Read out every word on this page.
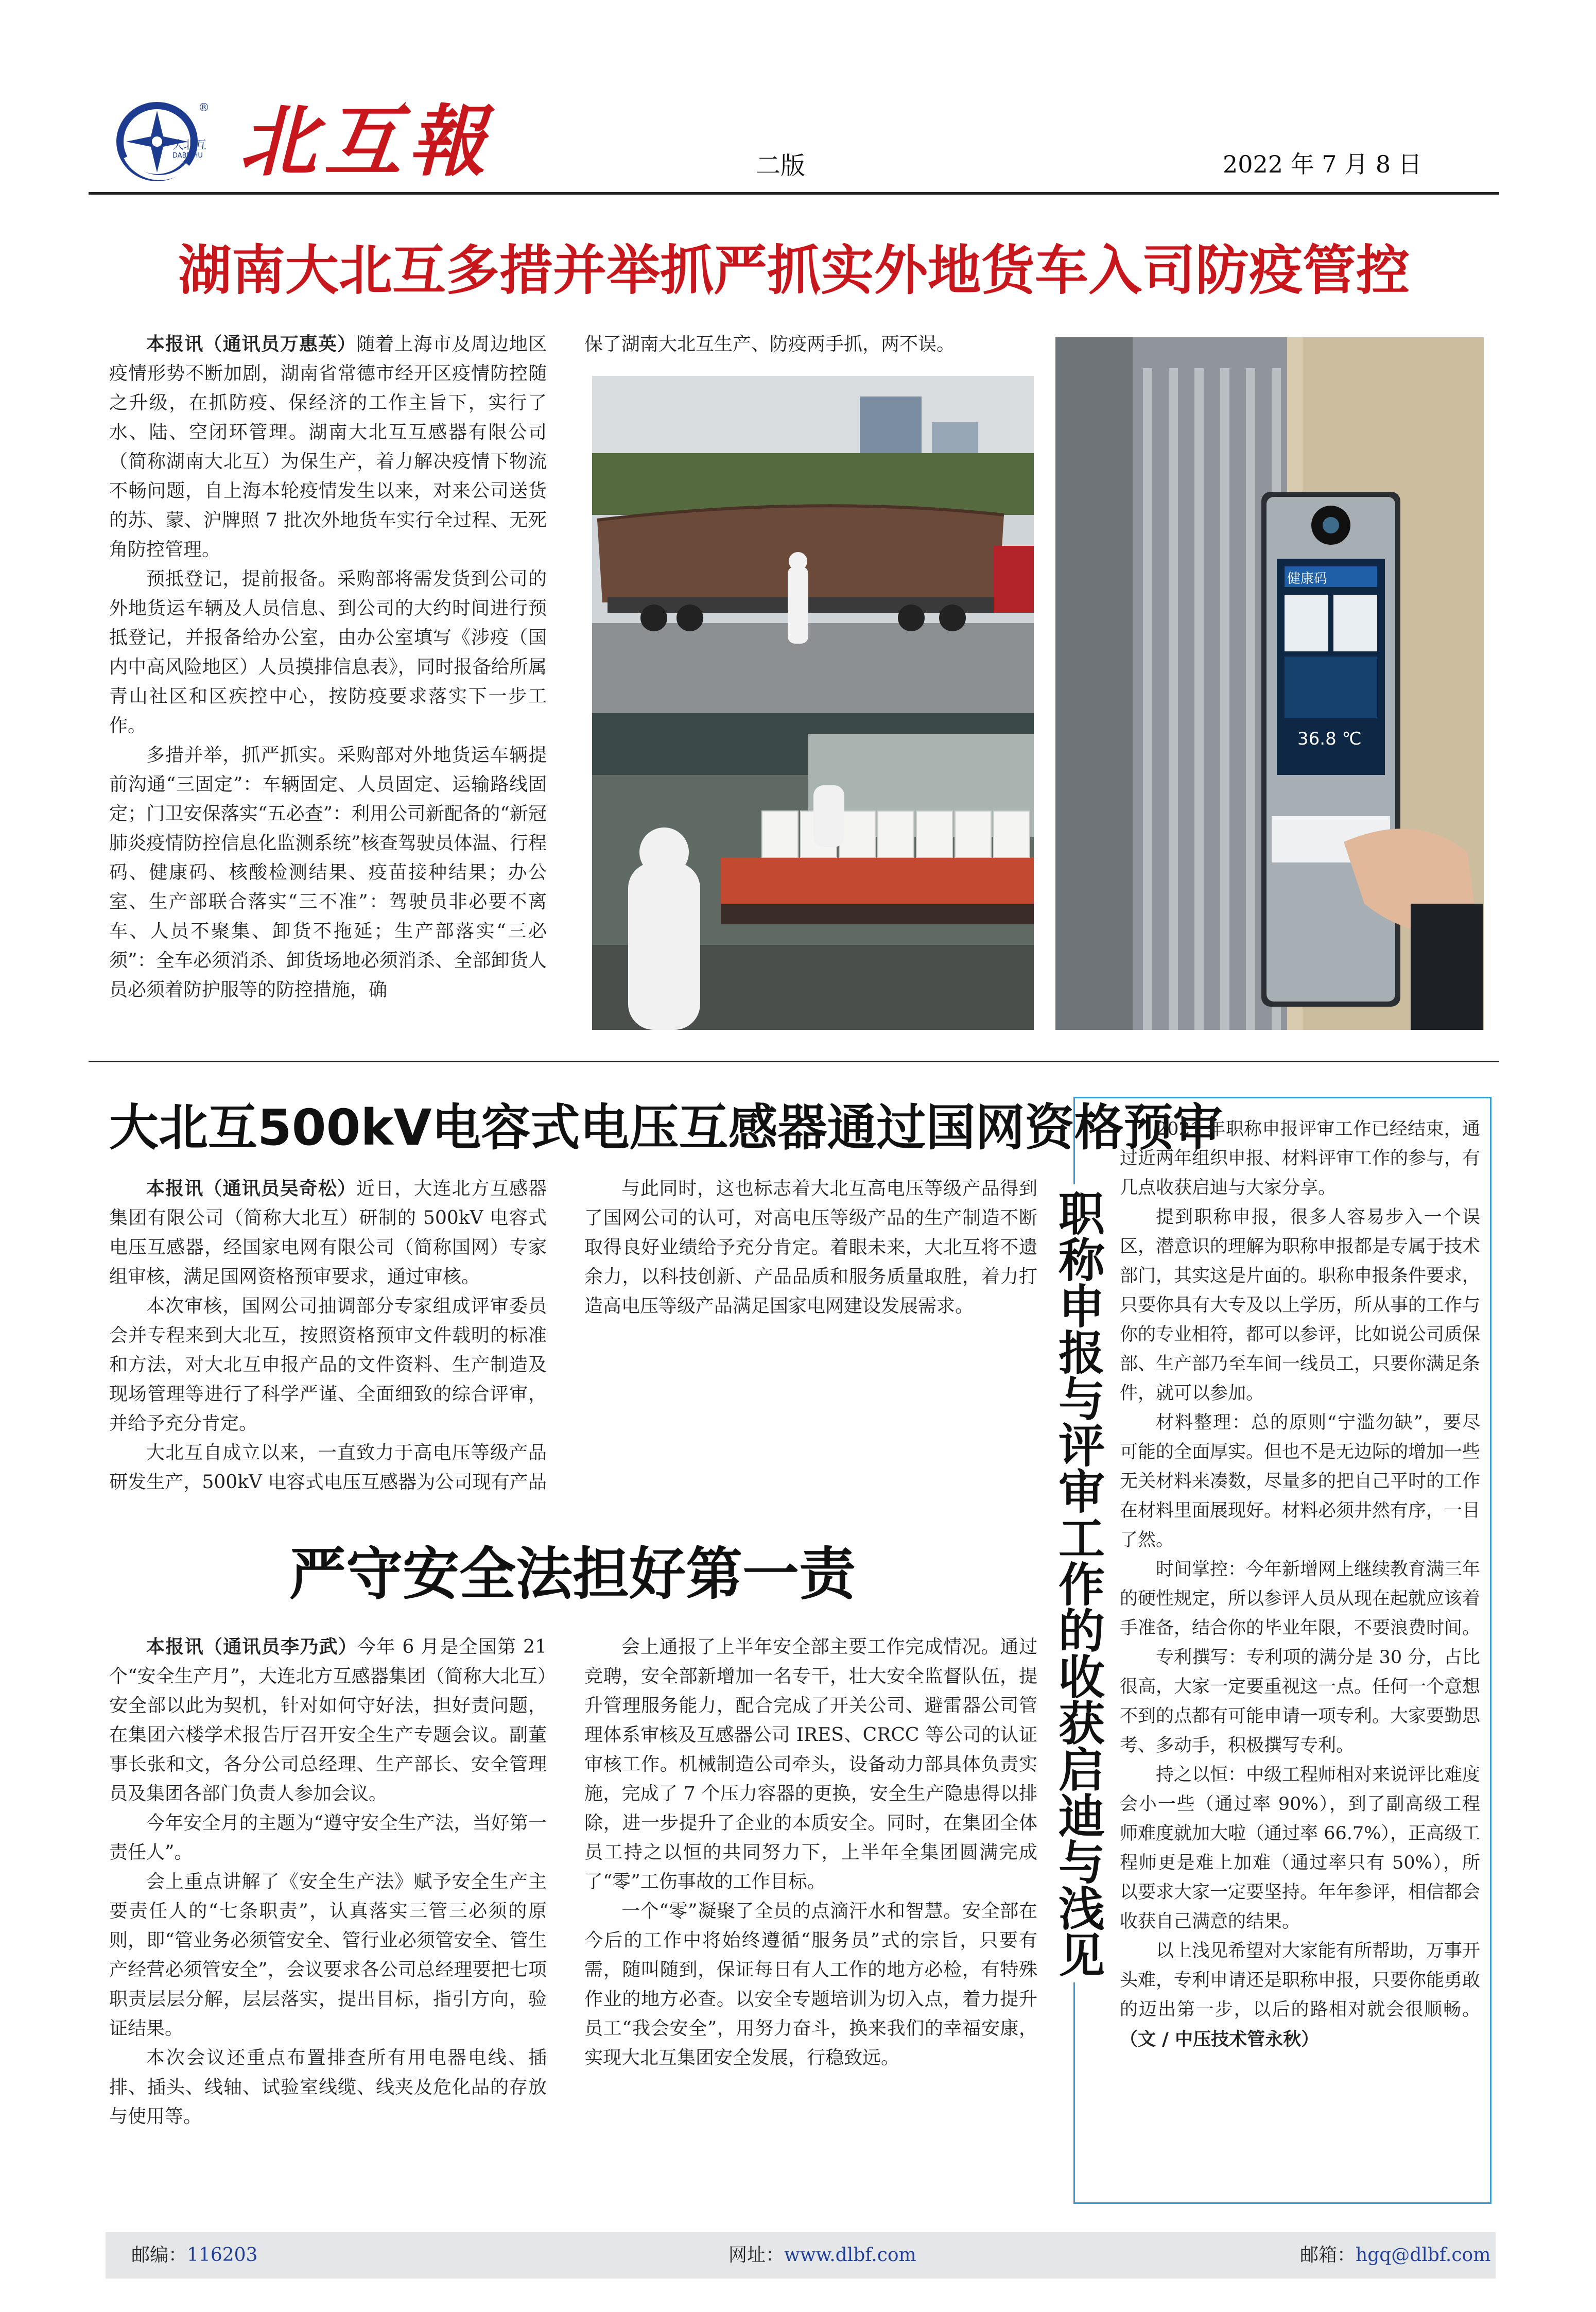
大北互
DABEIHU
® 北互報	二版	2022 年 7 月 8 日
湖南大北互多措并举抓严抓实外地货车入司防疫管控

本报讯（通讯员万惠英）随着上海市及周边地区疫情形势不断加剧，湖南省常德市经开区疫情防控随之升级，在抓防疫、保经济的工作主旨下，实行了水、陆、空闭环管理。湖南大北互互感器有限公司（简称湖南大北互）为保生产，着力解决疫情下物流不畅问题，自上海本轮疫情发生以来，对来公司送货的苏、蒙、沪牌照 7 批次外地货车实行全过程、无死角防控管理。

预抵登记，提前报备。采购部将需发货到公司的外地货运车辆及人员信息、到公司的大约时间进行预抵登记，并报备给办公室，由办公室填写《涉疫（国内中高风险地区）人员摸排信息表》，同时报备给所属青山社区和区疾控中心，按防疫要求落实下一步工作。

多措并举，抓严抓实。采购部对外地货运车辆提前沟通“三固定”：车辆固定、人员固定、运输路线固定；门卫安保落实“五必查”：利用公司新配备的“新冠肺炎疫情防控信息化监测系统”核查驾驶员体温、行程码、健康码、核酸检测结果、疫苗接种结果；办公室、生产部联合落实“三不准”：驾驶员非必要不离车、人员不聚集、卸货不拖延；生产部落实“三必须”：全车必须消杀、卸货场地必须消杀、全部卸货人员必须着防护服等的防控措施，确

保了湖南大北互生产、防疫两手抓，两不误。

健康码
36.8 ℃
大北互500kV电容式电压互感器通过国网资格预审

本报讯（通讯员吴奇松）近日，大连北方互感器集团有限公司（简称大北互）研制的 500kV 电容式电压互感器，经国家电网有限公司（简称国网）专家组审核，满足国网资格预审要求，通过审核。

本次审核，国网公司抽调部分专家组成评审委员会并专程来到大北互，按照资格预审文件载明的标准和方法，对大北互申报产品的文件资料、生产制造及现场管理等进行了科学严谨、全面细致的综合评审，并给予充分肯定。

大北互自成立以来，一直致力于高电压等级产品研发生产，500kV 电容式电压互感器为公司现有产品

与此同时，这也标志着大北互高电压等级产品得到了国网公司的认可，对高电压等级产品的生产制造不断取得良好业绩给予充分肯定。着眼未来，大北互将不遗余力，以科技创新、产品品质和服务质量取胜，着力打造高电压等级产品满足国家电网建设发展需求。

严守安全法担好第一责

本报讯（通讯员李乃武）今年 6 月是全国第 21 个“安全生产月”，大连北方互感器集团（简称大北互）安全部以此为契机，针对如何守好法，担好责问题，在集团六楼学术报告厅召开安全生产专题会议。副董事长张和文，各分公司总经理、生产部长、安全管理员及集团各部门负责人参加会议。

今年安全月的主题为“遵守安全生产法，当好第一责任人”。

会上重点讲解了《安全生产法》赋予安全生产主要责任人的“七条职责”，认真落实三管三必须的原则，即“管业务必须管安全、管行业必须管安全、管生产经营必须管安全”，会议要求各公司总经理要把七项职责层层分解，层层落实，提出目标，指引方向，验证结果。

本次会议还重点布置排查所有用电器电线、插排、插头、线轴、试验室线缆、线夹及危化品的存放与使用等。

会上通报了上半年安全部主要工作完成情况。通过竞聘，安全部新增加一名专干，壮大安全监督队伍，提升管理服务能力，配合完成了开关公司、避雷器公司管理体系审核及互感器公司 IRES、CRCC 等公司的认证审核工作。机械制造公司牵头，设备动力部具体负责实施，完成了 7 个压力容器的更换，安全生产隐患得以排除，进一步提升了企业的本质安全。同时，在集团全体员工持之以恒的共同努力下，上半年全集团圆满完成了“零”工伤事故的工作目标。

一个“零”凝聚了全员的点滴汗水和智慧。安全部在今后的工作中将始终遵循“服务员”式的宗旨，只要有需，随叫随到，保证每日有人工作的地方必检，有特殊作业的地方必查。以安全专题培训为切入点，着力提升员工“我会安全”，用努力奋斗，换来我们的幸福安康，实现大北互集团安全发展，行稳致远。

职称申报与评审工作的收获启迪与浅见

2021 年职称申报评审工作已经结束，通过近两年组织申报、材料评审工作的参与，有几点收获启迪与大家分享。

提到职称申报，很多人容易步入一个误区，潜意识的理解为职称申报都是专属于技术部门，其实这是片面的。职称申报条件要求，只要你具有大专及以上学历，所从事的工作与你的专业相符，都可以参评，比如说公司质保部、生产部乃至车间一线员工，只要你满足条件，就可以参加。

材料整理：总的原则“宁滥勿缺”，要尽可能的全面厚实。但也不是无边际的增加一些无关材料来凑数，尽量多的把自己平时的工作在材料里面展现好。材料必须井然有序，一目了然。

时间掌控：今年新增网上继续教育满三年的硬性规定，所以参评人员从现在起就应该着手准备，结合你的毕业年限，不要浪费时间。

专利撰写：专利项的满分是 30 分，占比很高，大家一定要重视这一点。任何一个意想不到的点都有可能申请一项专利。大家要勤思考、多动手，积极撰写专利。

持之以恒：中级工程师相对来说评比难度会小一些（通过率 90%），到了副高级工程师难度就加大啦（通过率 66.7%），正高级工程师更是难上加难（通过率只有 50%），所以要求大家一定要坚持。年年参评，相信都会收获自己满意的结果。

以上浅见希望对大家能有所帮助，万事开头难，专利申请还是职称申报，只要你能勇敢的迈出第一步，以后的路相对就会很顺畅。（文 / 中压技术管永秋）

邮编：116203	网址：www.dlbf.com	邮箱：hgq@dlbf.com
